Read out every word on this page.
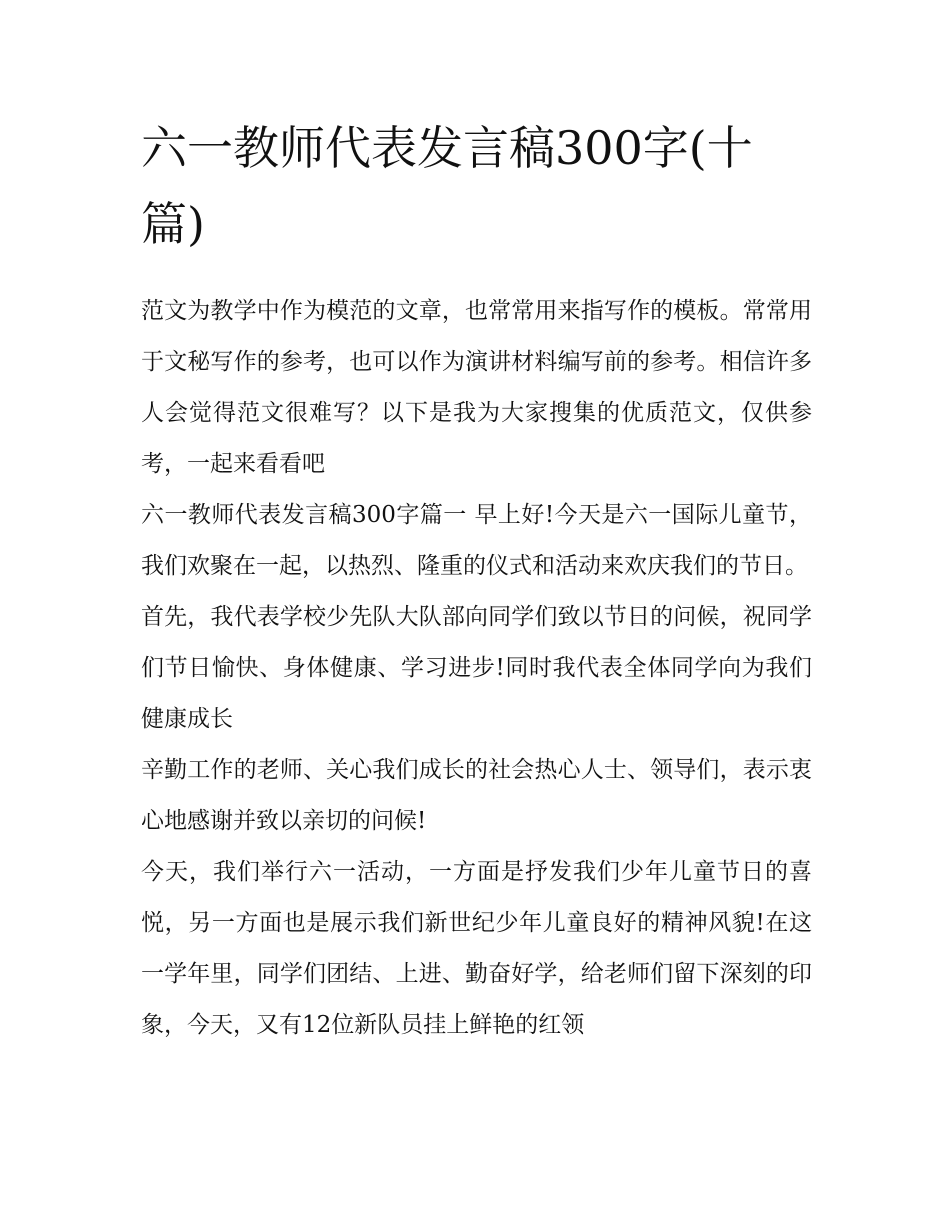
六一教师代表发言稿300字(十篇)

范文为教学中作为模范的文章，也常常用来指写作的模板。常常用于文秘写作的参考，也可以作为演讲材料编写前的参考。相信许多人会觉得范文很难写？以下是我为大家搜集的优质范文，仅供参考，一起来看看吧

六一教师代表发言稿300字篇一 早上好!今天是六一国际儿童节，我们欢聚在一起，以热烈、隆重的仪式和活动来欢庆我们的节日。

首先，我代表学校少先队大队部向同学们致以节日的问候，祝同学们节日愉快、身体健康、学习进步!同时我代表全体同学向为我们健康成长

辛勤工作的老师、关心我们成长的社会热心人士、领导们，表示衷心地感谢并致以亲切的问候!

今天，我们举行六一活动，一方面是抒发我们少年儿童节日的喜悦，另一方面也是展示我们新世纪少年儿童良好的精神风貌!在这一学年里，同学们团结、上进、勤奋好学，给老师们留下深刻的印象，今天，又有12位新队员挂上鲜艳的红领
